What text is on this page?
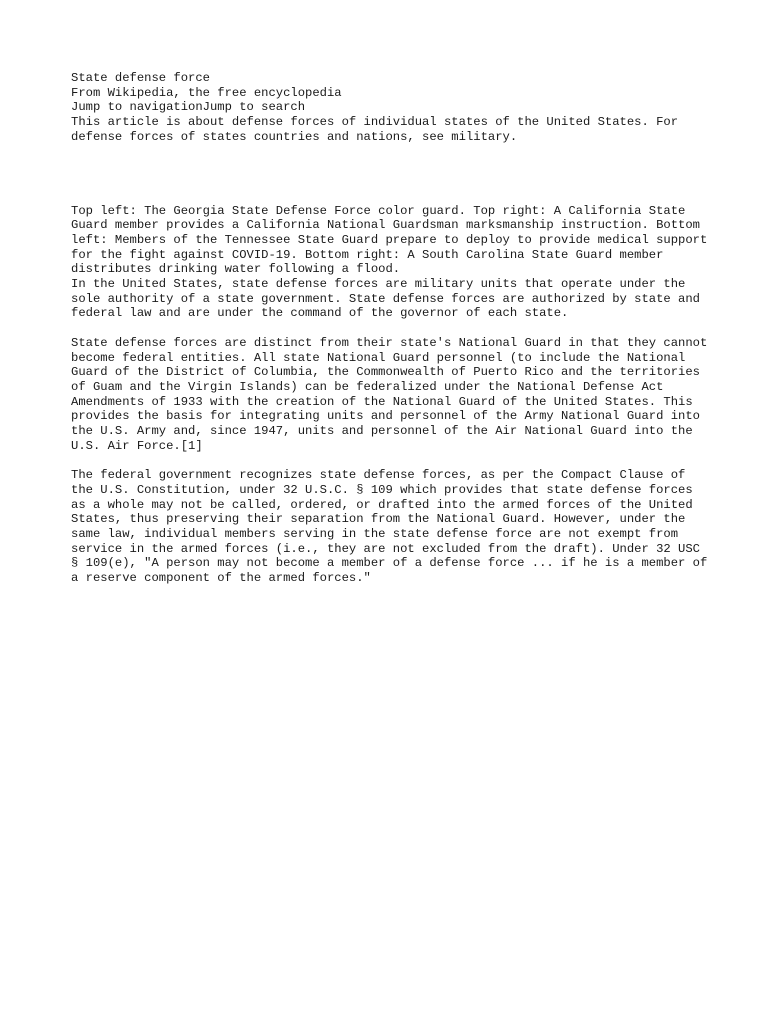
State defense force
From Wikipedia, the free encyclopedia
Jump to navigationJump to search

This article is about defense forces of individual states of the United States. For defense forces of states countries and nations, see military.

Top left: The Georgia State Defense Force color guard. Top right: A California State Guard member provides a California National Guardsman marksmanship instruction. Bottom left: Members of the Tennessee State Guard prepare to deploy to provide medical support for the fight against COVID-19. Bottom right: A South Carolina State Guard member distributes drinking water following a flood.

In the United States, state defense forces are military units that operate under the sole authority of a state government. State defense forces are authorized by state and federal law and are under the command of the governor of each state.

State defense forces are distinct from their state's National Guard in that they cannot become federal entities. All state National Guard personnel (to include the National Guard of the District of Columbia, the Commonwealth of Puerto Rico and the territories of Guam and the Virgin Islands) can be federalized under the National Defense Act Amendments of 1933 with the creation of the National Guard of the United States. This provides the basis for integrating units and personnel of the Army National Guard into the U.S. Army and, since 1947, units and personnel of the Air National Guard into the U.S. Air Force.[1]

The federal government recognizes state defense forces, as per the Compact Clause of the U.S. Constitution, under 32 U.S.C. § 109 which provides that state defense forces as a whole may not be called, ordered, or drafted into the armed forces of the United States, thus preserving their separation from the National Guard. However, under the same law, individual members serving in the state defense force are not exempt from service in the armed forces (i.e., they are not excluded from the draft). Under 32 USC § 109(e), "A person may not become a member of a defense force ... if he is a member of a reserve component of the armed forces."
